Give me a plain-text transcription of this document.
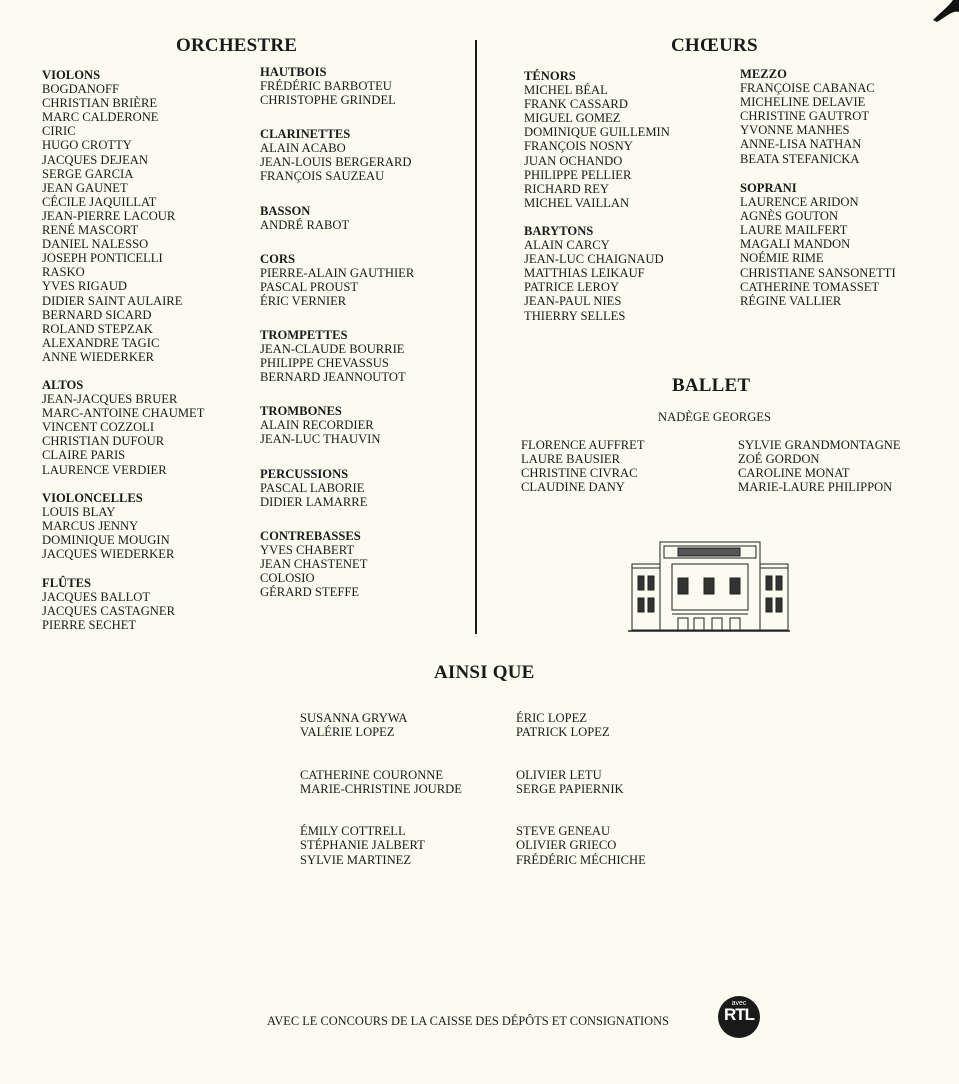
ORCHESTRE
VIOLONS
BOGDANOFF
CHRISTIAN BRIÈRE
MARC CALDERONE
CIRIC
HUGO CROTTY
JACQUES DEJEAN
SERGE GARCIA
JEAN GAUNET
CÉCILE JAQUILLAT
JEAN-PIERRE LACOUR
RENÉ MASCORT
DANIEL NALESSO
JOSEPH PONTICELLI
RASKO
YVES RIGAUD
DIDIER SAINT AULAIRE
BERNARD SICARD
ROLAND STEPZAK
ALEXANDRE TAGIC
ANNE WIEDERKER
ALTOS
JEAN-JACQUES BRUER
MARC-ANTOINE CHAUMET
VINCENT COZZOLI
CHRISTIAN DUFOUR
CLAIRE PARIS
LAURENCE VERDIER
VIOLONCELLES
LOUIS BLAY
MARCUS JENNY
DOMINIQUE MOUGIN
JACQUES WIEDERKER
FLÛTES
JACQUES BALLOT
JACQUES CASTAGNER
PIERRE SECHET
HAUTBOIS
FRÉDÉRIC BARBOTEU
CHRISTOPHE GRINDEL
CLARINETTES
ALAIN ACABO
JEAN-LOUIS BERGERARD
FRANÇOIS SAUZEAU
BASSON
ANDRÉ RABOT
CORS
PIERRE-ALAIN GAUTHIER
PASCAL PROUST
ÉRIC VERNIER
TROMPETTES
JEAN-CLAUDE BOURRIE
PHILIPPE CHEVASSUS
BERNARD JEANNOUTOT
TROMBONES
ALAIN RECORDIER
JEAN-LUC THAUVIN
PERCUSSIONS
PASCAL LABORIE
DIDIER LAMARRE
CONTREBASSES
YVES CHABERT
JEAN CHASTENET
COLOSIO
GÉRARD STEFFE
CHŒURS
TÉNORS
MICHEL BÉAL
FRANK CASSARD
MIGUEL GOMEZ
DOMINIQUE GUILLEMIN
FRANÇOIS NOSNY
JUAN OCHANDO
PHILIPPE PELLIER
RICHARD REY
MICHEL VAILLAN
BARYTONS
ALAIN CARCY
JEAN-LUC CHAIGNAUD
MATTHIAS LEIKAUF
PATRICE LEROY
JEAN-PAUL NIES
THIERRY SELLES
MEZZO
FRANÇOISE CABANAC
MICHELINE DELAVIE
CHRISTINE GAUTROT
YVONNE MANHES
ANNE-LISA NATHAN
BEATA STEFANICKA
SOPRANI
LAURENCE ARIDON
AGNÈS GOUTON
LAURE MAILFERT
MAGALI MANDON
NOÉMIE RIME
CHRISTIANE SANSONETTI
CATHERINE TOMASSET
RÉGINE VALLIER
BALLET
NADÈGE GEORGES
FLORENCE AUFFRET
LAURE BAUSIER
CHRISTINE CIVRAC
CLAUDINE DANY
SYLVIE GRANDMONTAGNE
ZOÉ GORDON
CAROLINE MONAT
MARIE-LAURE PHILIPPON
AINSI QUE
SUSANNA GRYWA
VALÉRIE LOPEZ
CATHERINE COURONNE
MARIE-CHRISTINE JOURDE
ÉMILY COTTRELL
STÉPHANIE JALBERT
SYLVIE MARTINEZ
ÉRIC LOPEZ
PATRICK LOPEZ
OLIVIER LETU
SERGE PAPIERNIK
STEVE GENEAU
OLIVIER GRIECO
FRÉDÉRIC MÉCHICHE
AVEC LE CONCOURS DE LA CAISSE DES DÉPÔTS ET CONSIGNATIONS
avec
RTL
